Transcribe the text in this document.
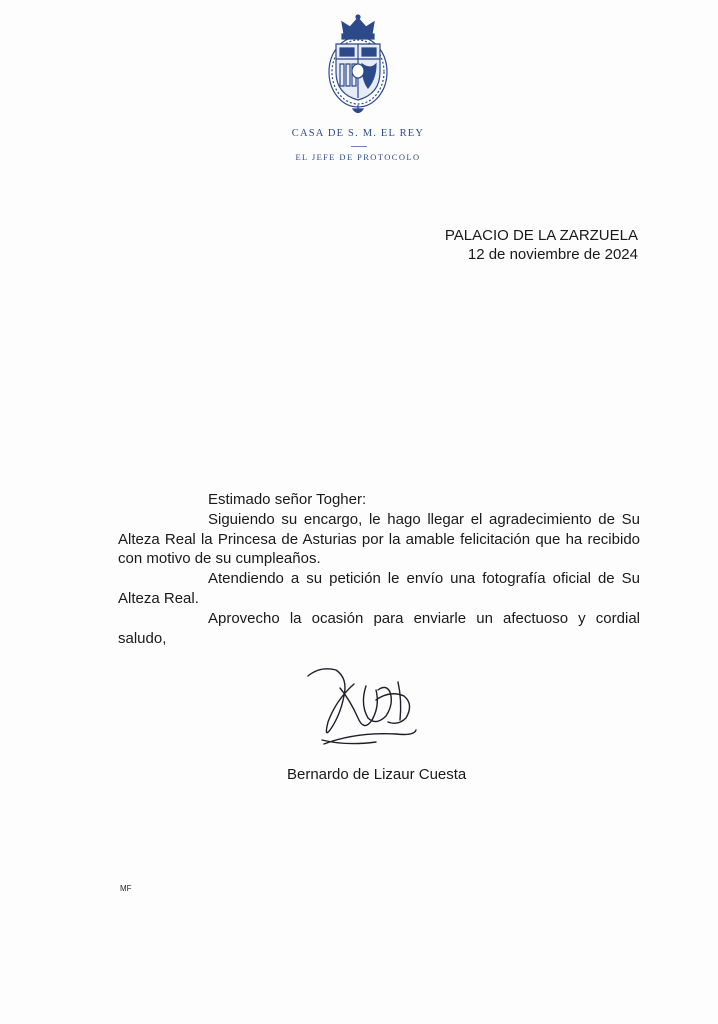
CASA DE S. M. EL REY
EL JEFE DE PROTOCOLO
PALACIO DE LA ZARZUELA
12 de noviembre de 2024

Estimado señor Togher:

Siguiendo su encargo, le hago llegar el agradecimiento de Su Alteza Real la Princesa de Asturias por la amable felicitación que ha recibido con motivo de su cumpleaños.

Atendiendo a su petición le envío una fotografía oficial de Su Alteza Real.

Aprovecho la ocasión para enviarle un afectuoso y cordial saludo,

Bernardo de Lizaur Cuesta
MF
